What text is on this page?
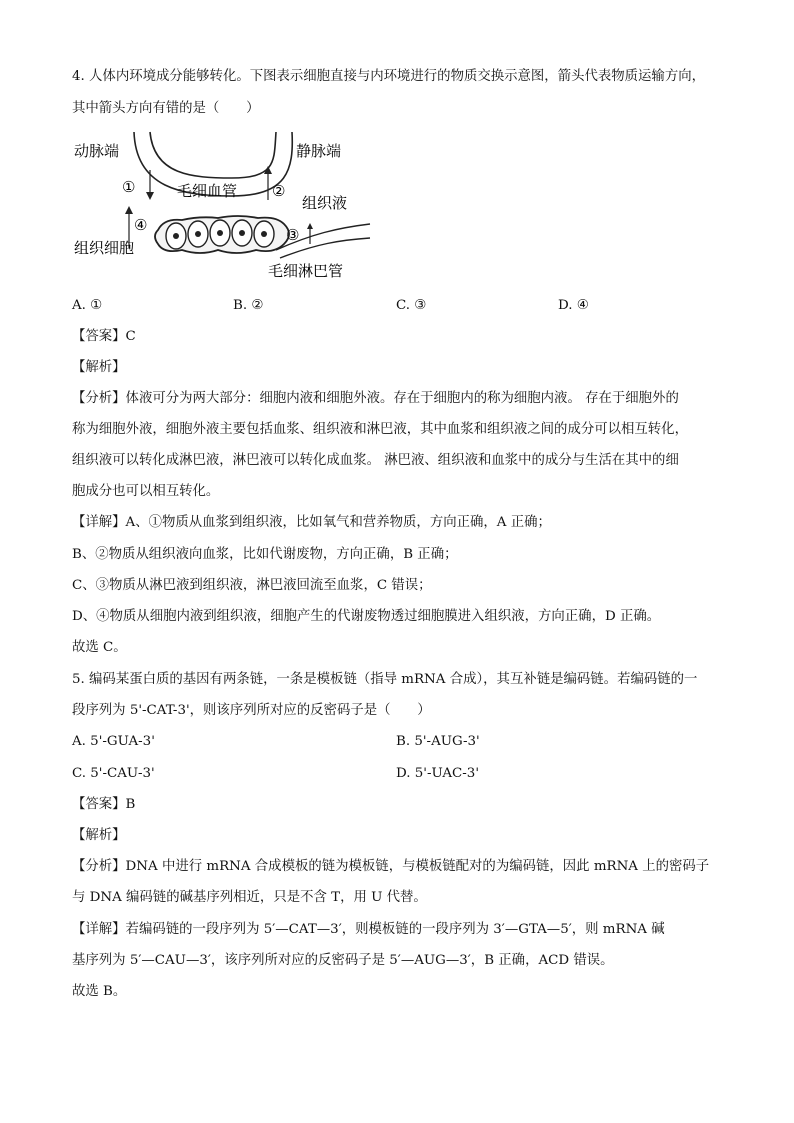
4. 人体内环境成分能够转化。下图表示细胞直接与内环境进行的物质交换示意图，箭头代表物质运输方向，
其中箭头方向有错的是（　　）
动脉端	静脉端
毛细血管
组织液
组织细胞
毛细淋巴管
①	②
③
④
A. ①	B. ②	C. ③	D. ④
【答案】C
【解析】
【分析】体液可分为两大部分：细胞内液和细胞外液。存在于细胞内的称为细胞内液。 存在于细胞外的
称为细胞外液，细胞外液主要包括血浆、组织液和淋巴液，其中血浆和组织液之间的成分可以相互转化，
组织液可以转化成淋巴液，淋巴液可以转化成血浆。 淋巴液、组织液和血浆中的成分与生活在其中的细
胞成分也可以相互转化。
【详解】A、①物质从血浆到组织液，比如氧气和营养物质，方向正确，A 正确；
B、②物质从组织液向血浆，比如代谢废物，方向正确，B 正确；
C、③物质从淋巴液到组织液，淋巴液回流至血浆，C 错误；
D、④物质从细胞内液到组织液，细胞产生的代谢废物透过细胞膜进入组织液，方向正确，D 正确。
故选 C。
5. 编码某蛋白质的基因有两条链，一条是模板链（指导 mRNA 合成），其互补链是编码链。若编码链的一
段序列为 5'-CAT-3'，则该序列所对应的反密码子是（　　）
A. 5'-GUA-3'	B. 5'-AUG-3'
C. 5'-CAU-3'	D. 5'-UAC-3'
【答案】B
【解析】
【分析】DNA 中进行 mRNA 合成模板的链为模板链，与模板链配对的为编码链，因此 mRNA 上的密码子
与 DNA 编码链的碱基序列相近，只是不含 T，用 U 代替。
【详解】若编码链的一段序列为 5′—CAT—3′，则模板链的一段序列为 3′—GTA—5′，则 mRNA 碱
基序列为 5′—CAU—3′，该序列所对应的反密码子是 5′—AUG—3′，B 正确，ACD 错误。
故选 B。
